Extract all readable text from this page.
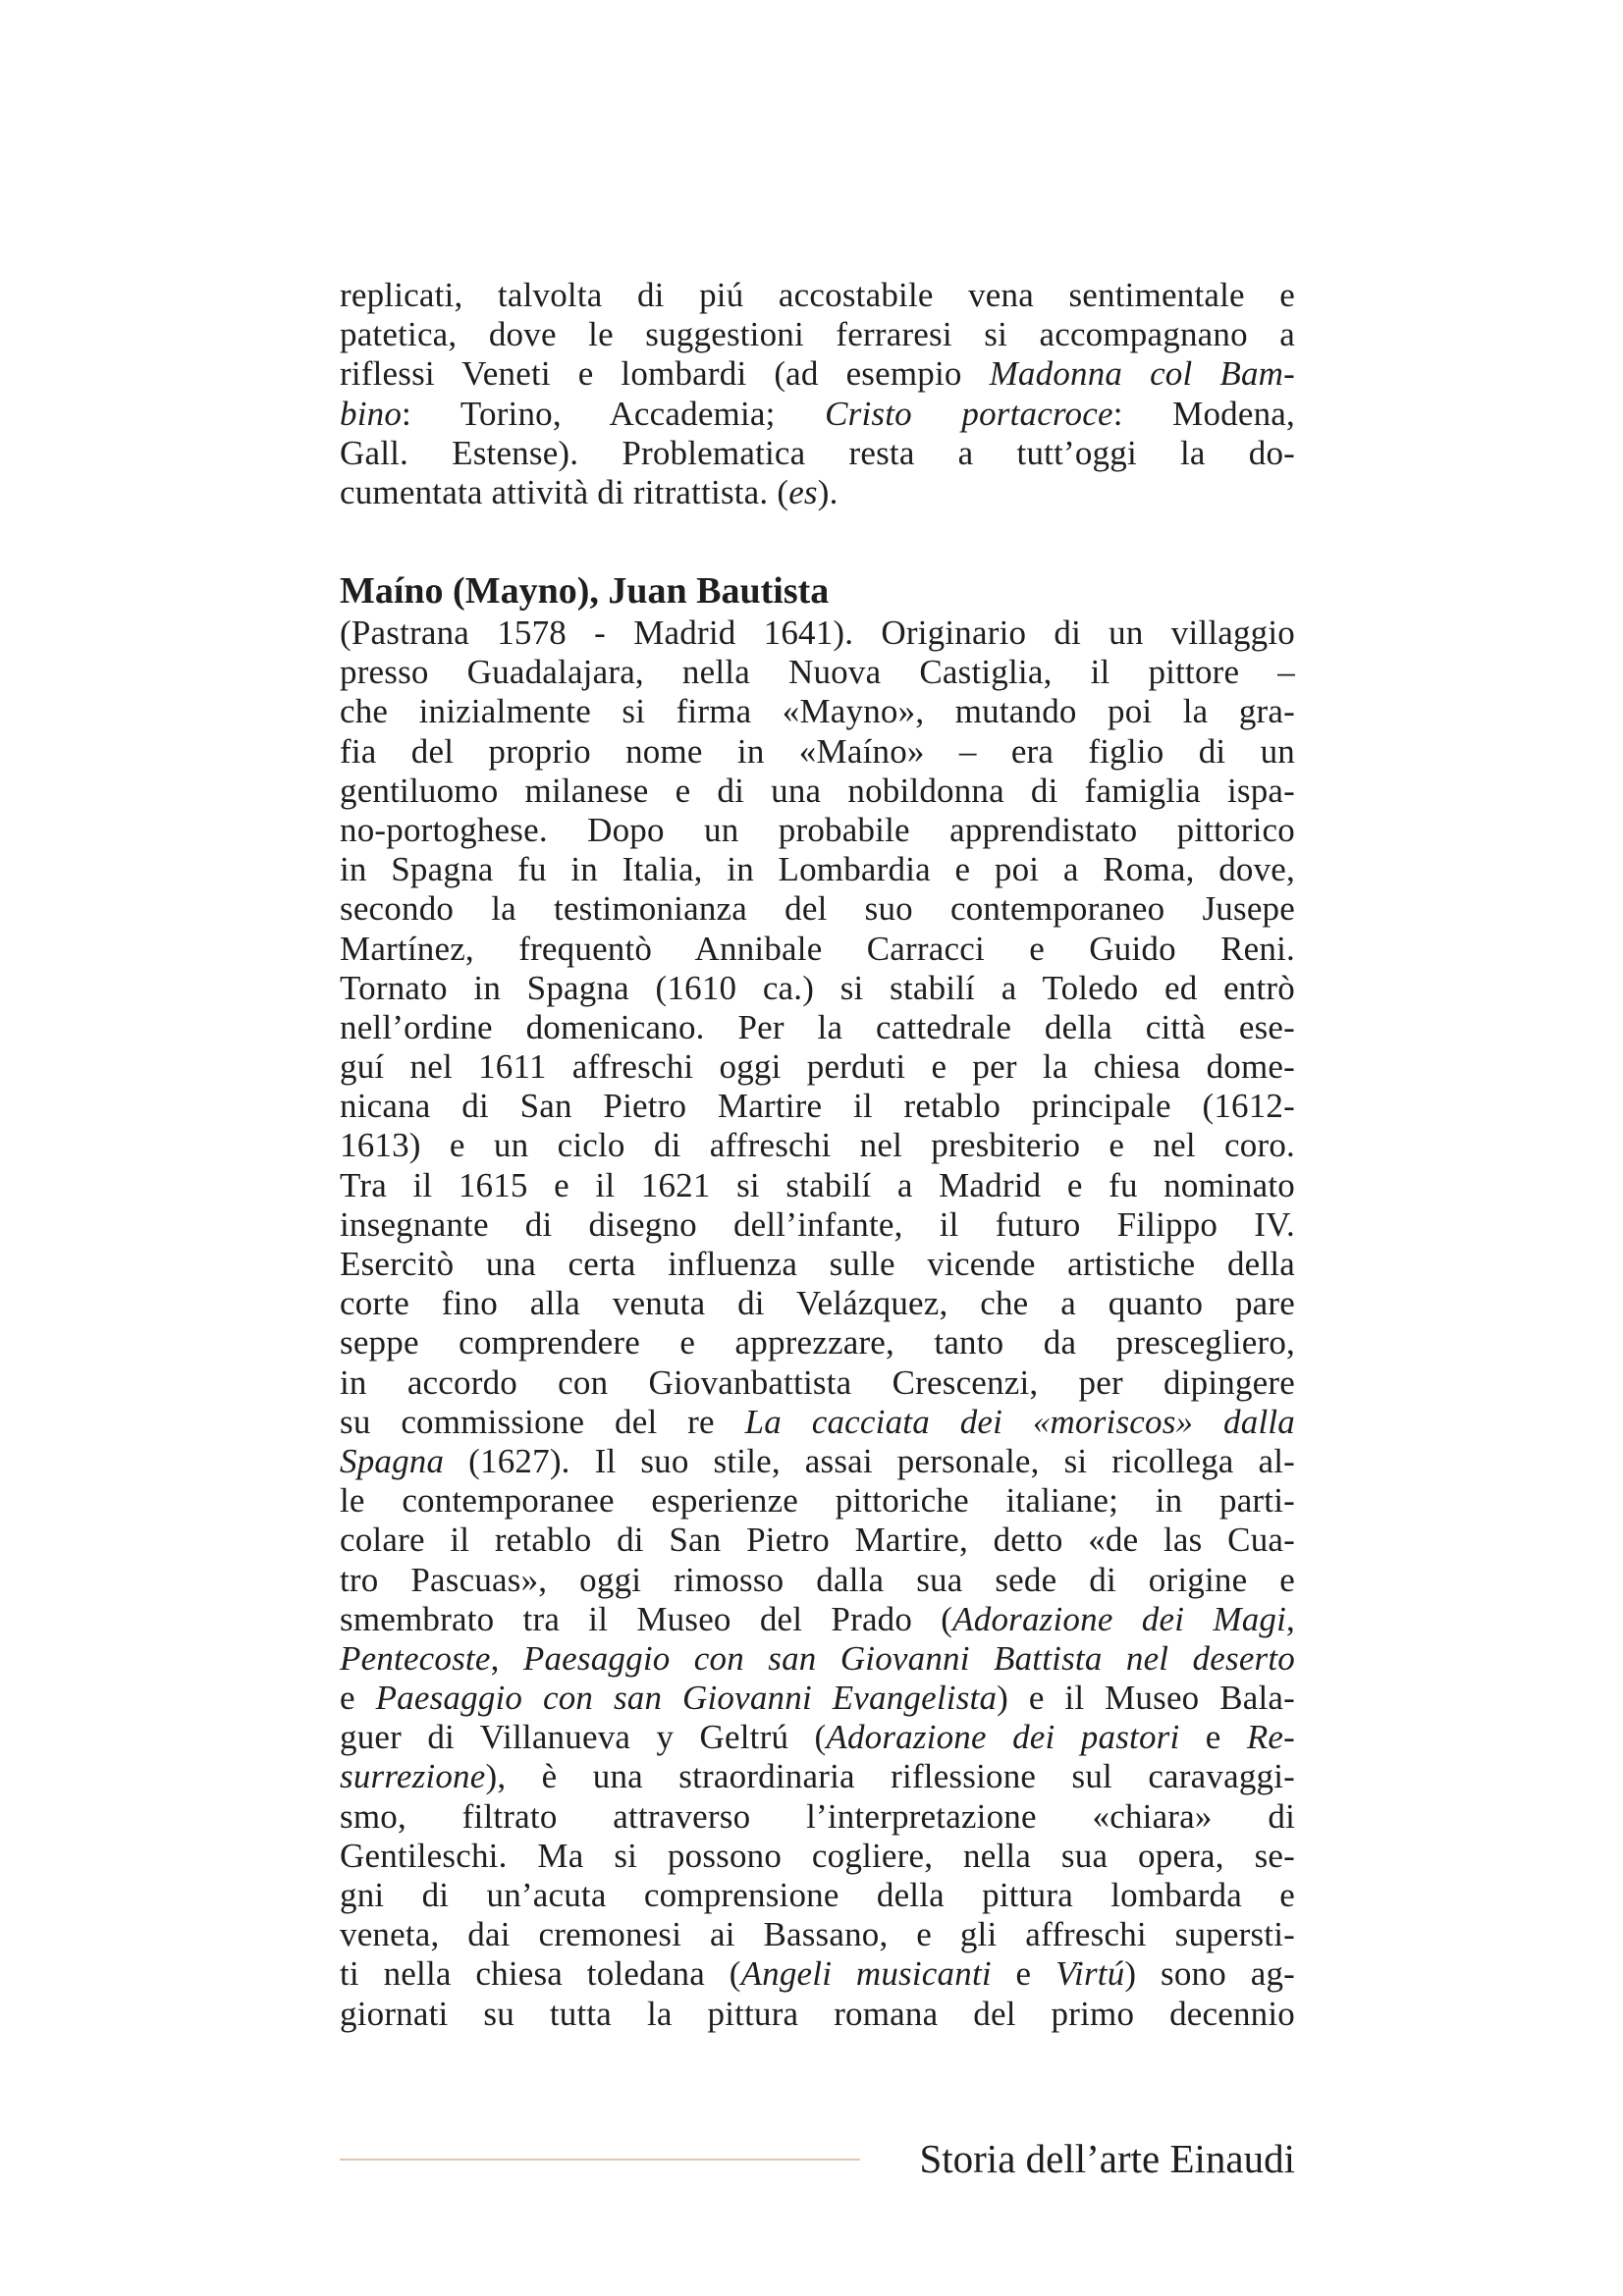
replicati, talvolta di piú accostabile vena sentimentale e
patetica, dove le suggestioni ferraresi si accompagnano a
riflessi Veneti e lombardi (ad esempio Madonna col Bam-
bino: Torino, Accademia; Cristo portacroce: Modena,
Gall. Estense). Problematica resta a tutt’oggi la do-
cumentata attività di ritrattista. (es).
Maíno (Mayno), Juan Bautista
(Pastrana 1578 - Madrid 1641). Originario di un villaggio
presso Guadalajara, nella Nuova Castiglia, il pittore –
che inizialmente si firma «Mayno», mutando poi la gra-
fia del proprio nome in «Maíno» – era figlio di un
gentiluomo milanese e di una nobildonna di famiglia ispa-
no-portoghese. Dopo un probabile apprendistato pittorico
in Spagna fu in Italia, in Lombardia e poi a Roma, dove,
secondo la testimonianza del suo contemporaneo Jusepe
Martínez, frequentò Annibale Carracci e Guido Reni.
Tornato in Spagna (1610 ca.) si stabilí a Toledo ed entrò
nell’ordine domenicano. Per la cattedrale della città ese-
guí nel 1611 affreschi oggi perduti e per la chiesa dome-
nicana di San Pietro Martire il retablo principale (1612-
1613) e un ciclo di affreschi nel presbiterio e nel coro.
Tra il 1615 e il 1621 si stabilí a Madrid e fu nominato
insegnante di disegno dell’infante, il futuro Filippo IV.
Esercitò una certa influenza sulle vicende artistiche della
corte fino alla venuta di Velázquez, che a quanto pare
seppe comprendere e apprezzare, tanto da prescegliero,
in accordo con Giovanbattista Crescenzi, per dipingere
su commissione del re La cacciata dei «moriscos» dalla
Spagna (1627). Il suo stile, assai personale, si ricollega al-
le contemporanee esperienze pittoriche italiane; in parti-
colare il retablo di San Pietro Martire, detto «de las Cua-
tro Pascuas», oggi rimosso dalla sua sede di origine e
smembrato tra il Museo del Prado (Adorazione dei Magi,
Pentecoste, Paesaggio con san Giovanni Battista nel deserto
e Paesaggio con san Giovanni Evangelista) e il Museo Bala-
guer di Villanueva y Geltrú (Adorazione dei pastori e Re-
surrezione), è una straordinaria riflessione sul caravaggi-
smo, filtrato attraverso l’interpretazione «chiara» di
Gentileschi. Ma si possono cogliere, nella sua opera, se-
gni di un’acuta comprensione della pittura lombarda e
veneta, dai cremonesi ai Bassano, e gli affreschi supersti-
ti nella chiesa toledana (Angeli musicanti e Virtú) sono ag-
giornati su tutta la pittura romana del primo decennio
Storia dell’arte Einaudi
